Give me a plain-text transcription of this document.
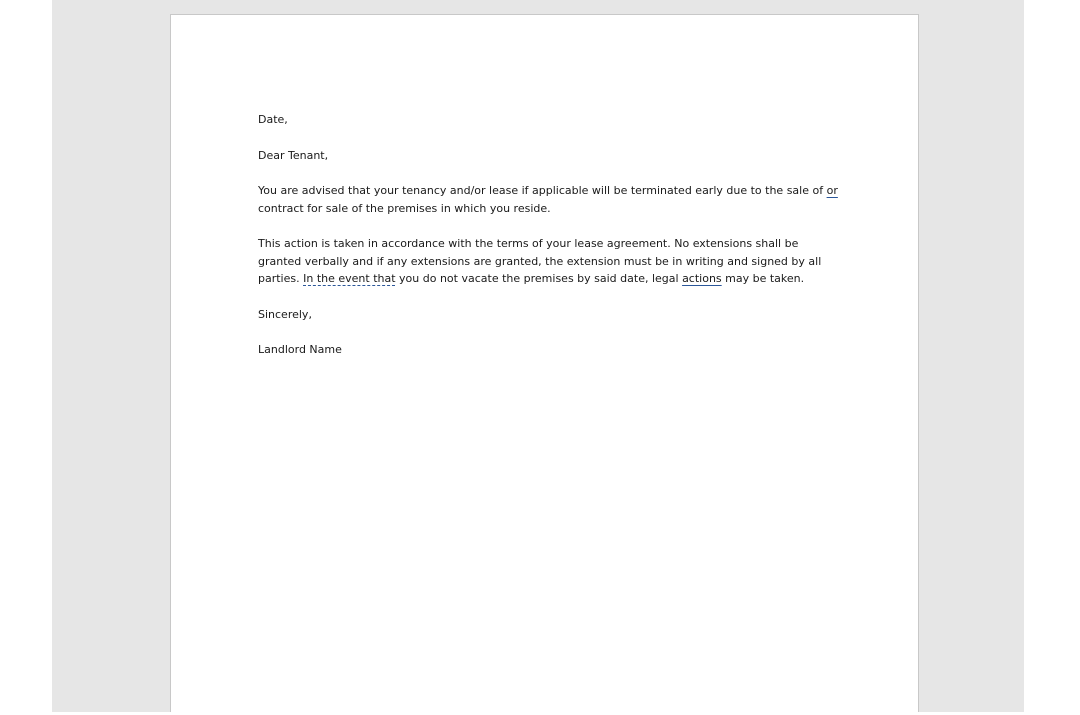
Date,

Dear Tenant,

You are advised that your tenancy and/or lease if applicable will be terminated early due to the sale of or
contract for sale of the premises in which you reside.

This action is taken in accordance with the terms of your lease agreement. No extensions shall be
granted verbally and if any extensions are granted, the extension must be in writing and signed by all
parties. In the event that you do not vacate the premises by said date, legal actions may be taken.

Sincerely,

Landlord Name
